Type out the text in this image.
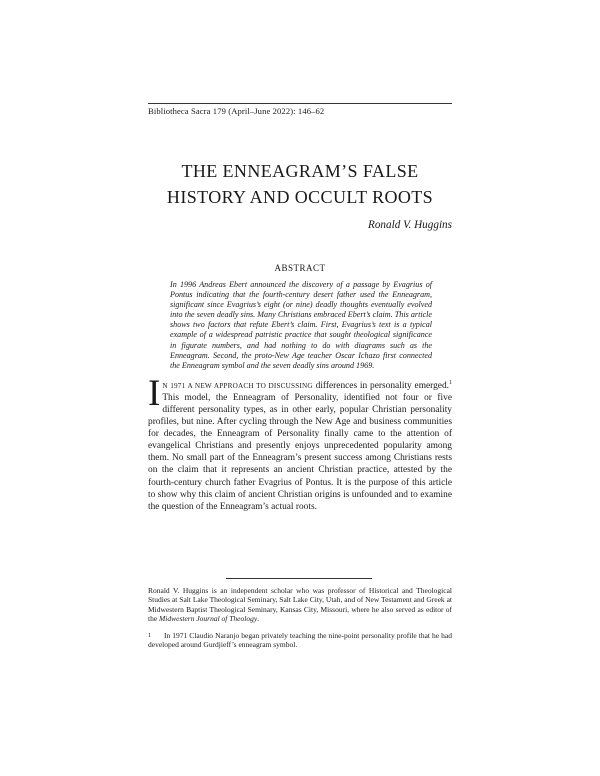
Bibliotheca Sacra 179 (April–June 2022): 146–62
THE ENNEAGRAM’S FALSE
HISTORY AND OCCULT ROOTS
Ronald V. Huggins
ABSTRACT

In 1996 Andreas Ebert announced the discovery of a passage by Evagrius of Pontus indicating that the fourth-century desert father used the Enneagram, significant since Evagrius’s eight (or nine) deadly thoughts eventually evolved into the seven deadly sins. Many Christians embraced Ebert’s claim. This article shows two factors that refute Ebert’s claim. First, Evagrius’s text is a typical example of a widespread patristic practice that sought theological significance in figurate numbers, and had nothing to do with diagrams such as the Enneagram. Second, the proto-New Age teacher Oscar Ichazo first connected the Enneagram symbol and the seven deadly sins around 1969.

I N 1971 A NEW APPROACH TO DISCUSSING differences in personality emerged.$^1$ This model, the Enneagram of Personality, identified not four or five different personality types, as in other early, popular Christian personality profiles, but nine. After cycling through the New Age and business communities for decades, the Enneagram of Personality finally came to the attention of evangelical Christians and presently enjoys unprecedented popularity among them. No small part of the Enneagram’s present success among Christians rests on the claim that it represents an ancient Christian practice, attested by the fourth-century church father Evagrius of Pontus. It is the purpose of this article to show why this claim of ancient Christian origins is unfounded and to examine the question of the Enneagram’s actual roots.

Ronald V. Huggins is an independent scholar who was professor of Historical and Theological Studies at Salt Lake Theological Seminary, Salt Lake City, Utah, and of New Testament and Greek at Midwestern Baptist Theological Seminary, Kansas City, Missouri, where he also served as editor of the Midwestern Journal of Theology.

$^1$ In 1971 Claudio Naranjo began privately teaching the nine-point personality profile that he had developed around Gurdjieff’s enneagram symbol.
